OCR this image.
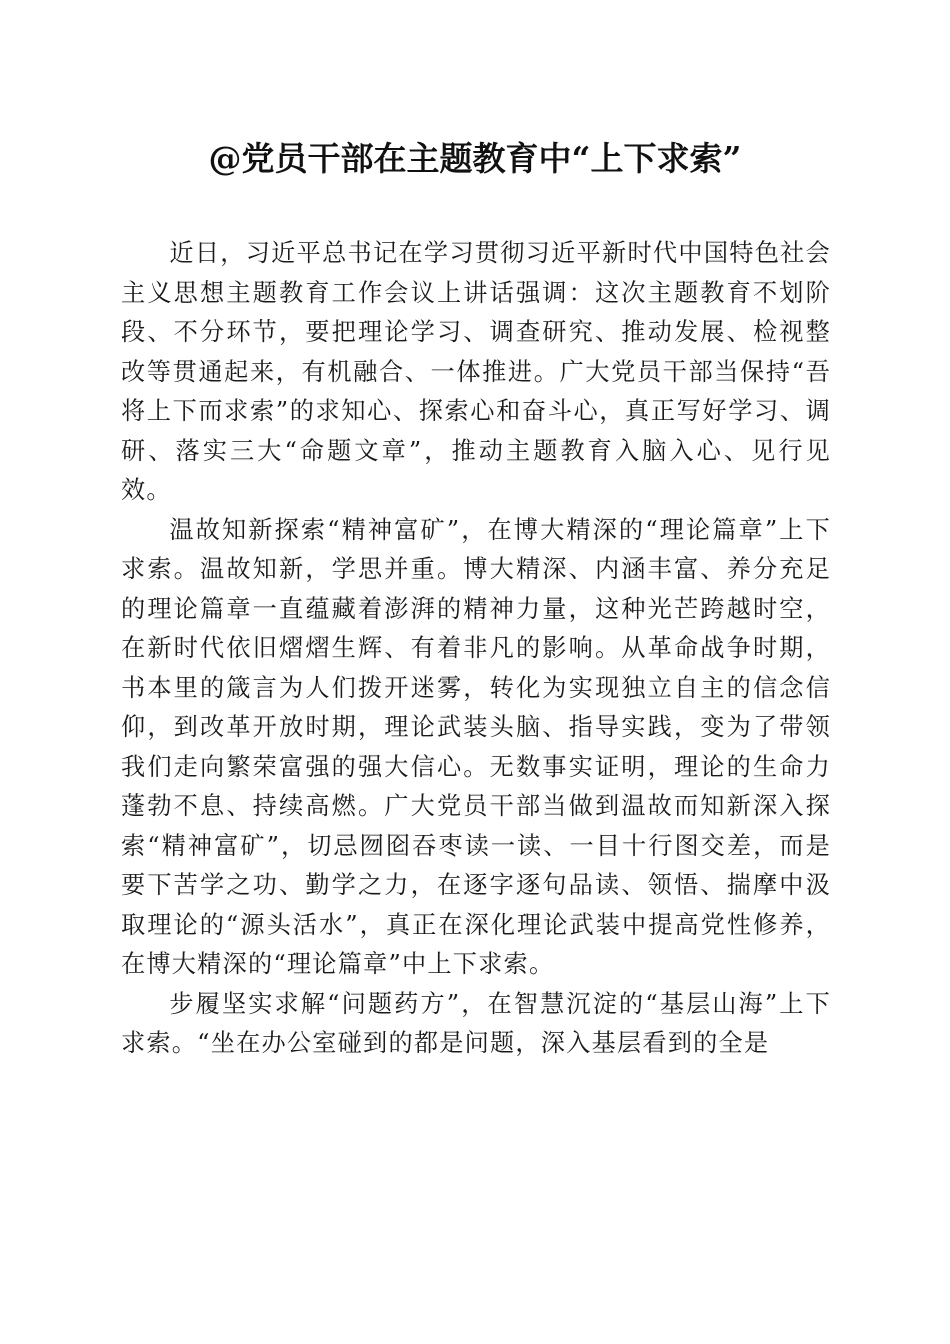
@党员干部在主题教育中“上下求索”

近日，习近平总书记在学习贯彻习近平新时代中国特色社会主义思想主题教育工作会议上讲话强调：这次主题教育不划阶段、不分环节，要把理论学习、调查研究、推动发展、检视整改等贯通起来，有机融合、一体推进。广大党员干部当保持“吾将上下而求索”的求知心、探索心和奋斗心，真正写好学习、调研、落实三大“命题文章”，推动主题教育入脑入心、见行见效。

温故知新探索“精神富矿”，在博大精深的“理论篇章”上下求索。温故知新，学思并重。博大精深、内涵丰富、养分充足的理论篇章一直蕴藏着澎湃的精神力量，这种光芒跨越时空，在新时代依旧熠熠生辉、有着非凡的影响。从革命战争时期，书本里的箴言为人们拨开迷雾，转化为实现独立自主的信念信仰，到改革开放时期，理论武装头脑、指导实践，变为了带领我们走向繁荣富强的强大信心。无数事实证明，理论的生命力蓬勃不息、持续高燃。广大党员干部当做到温故而知新深入探索“精神富矿”，切忌囫囵吞枣读一读、一目十行图交差，而是要下苦学之功、勤学之力，在逐字逐句品读、领悟、揣摩中汲取理论的“源头活水”，真正在深化理论武装中提高党性修养，在博大精深的“理论篇章”中上下求索。

步履坚实求解“问题药方”，在智慧沉淀的“基层山海”上下求索。“坐在办公室碰到的都是问题，深入基层看到的全是
